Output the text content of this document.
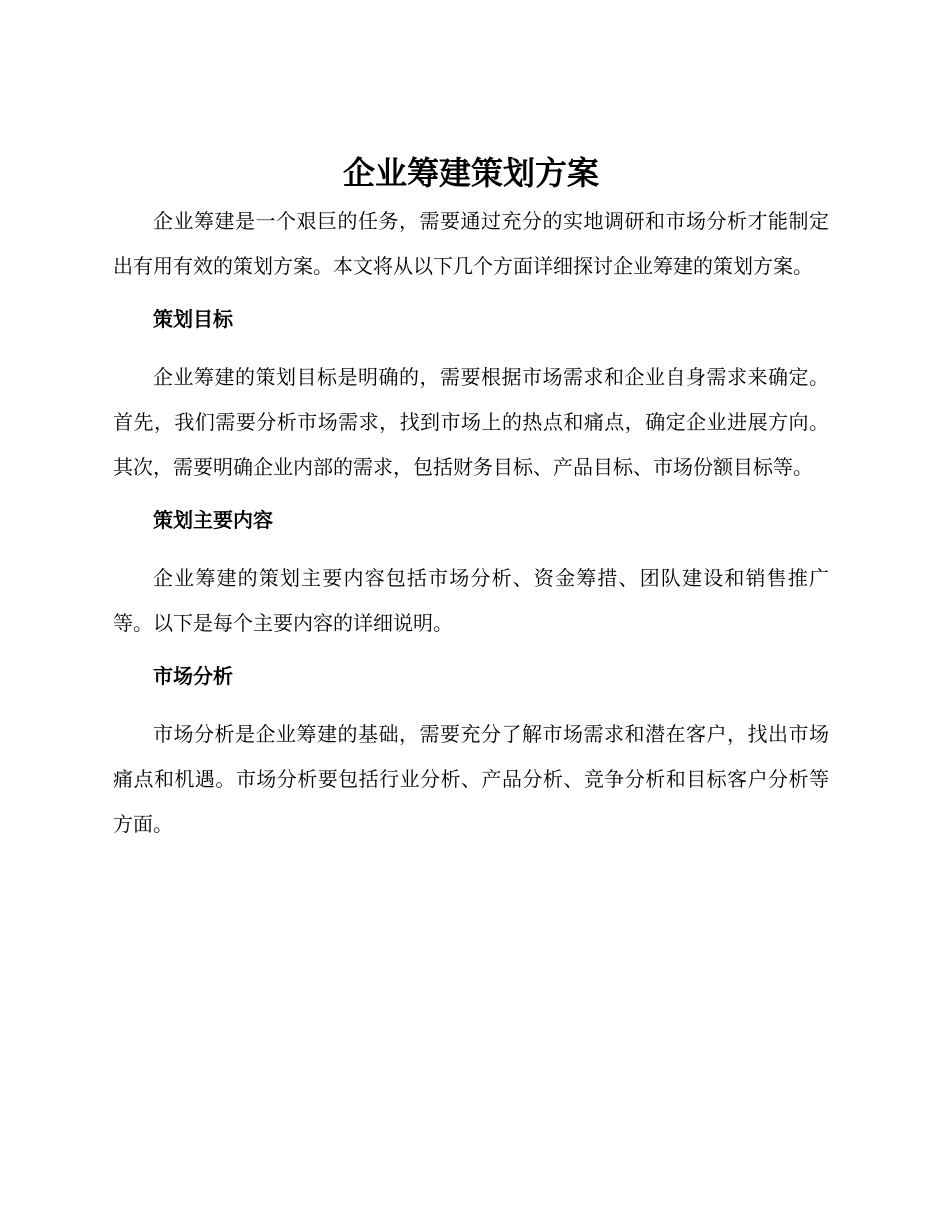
企业筹建策划方案

企业筹建是一个艰巨的任务，需要通过充分的实地调研和市场分析才能制定出有用有效的策划方案。本文将从以下几个方面详细探讨企业筹建的策划方案。

策划目标

企业筹建的策划目标是明确的，需要根据市场需求和企业自身需求来确定。首先，我们需要分析市场需求，找到市场上的热点和痛点，确定企业进展方向。其次，需要明确企业内部的需求，包括财务目标、产品目标、市场份额目标等。

策划主要内容

企业筹建的策划主要内容包括市场分析、资金筹措、团队建设和销售推广等。以下是每个主要内容的详细说明。

市场分析

市场分析是企业筹建的基础，需要充分了解市场需求和潜在客户，找出市场痛点和机遇。市场分析要包括行业分析、产品分析、竞争分析和目标客户分析等方面。
